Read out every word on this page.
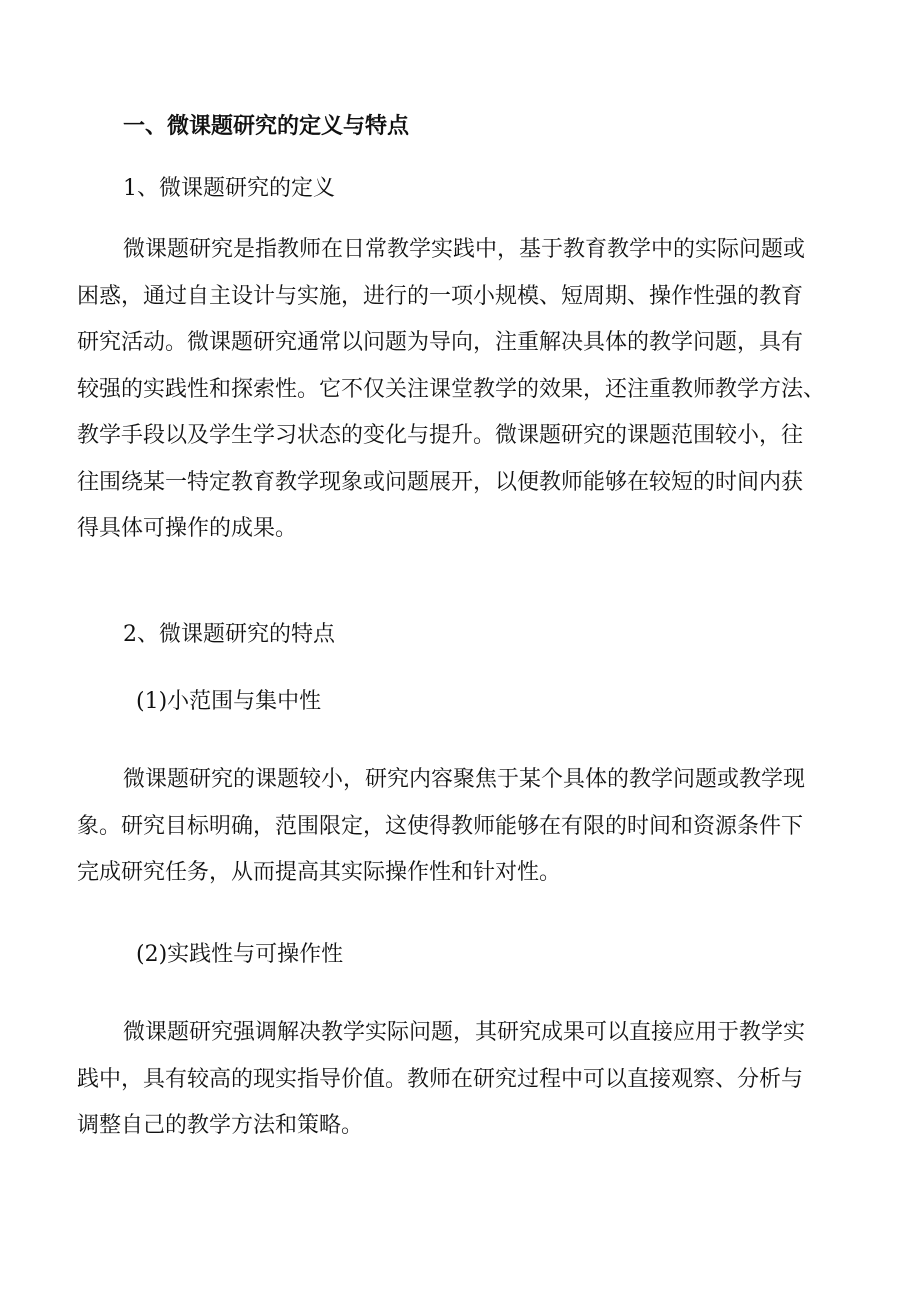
一、微课题研究的定义与特点
1、微课题研究的定义
微课题研究是指教师在日常教学实践中，基于教育教学中的实际问题或
困惑，通过自主设计与实施，进行的一项小规模、短周期、操作性强的教育
研究活动。微课题研究通常以问题为导向，注重解决具体的教学问题，具有
较强的实践性和探索性。它不仅关注课堂教学的效果，还注重教师教学方法、
教学手段以及学生学习状态的变化与提升。微课题研究的课题范围较小，往
往围绕某一特定教育教学现象或问题展开，以便教师能够在较短的时间内获
得具体可操作的成果。
2、微课题研究的特点
(1)小范围与集中性
微课题研究的课题较小，研究内容聚焦于某个具体的教学问题或教学现
象。研究目标明确，范围限定，这使得教师能够在有限的时间和资源条件下
完成研究任务，从而提高其实际操作性和针对性。
(2)实践性与可操作性
微课题研究强调解决教学实际问题，其研究成果可以直接应用于教学实
践中，具有较高的现实指导价值。教师在研究过程中可以直接观察、分析与
调整自己的教学方法和策略。
